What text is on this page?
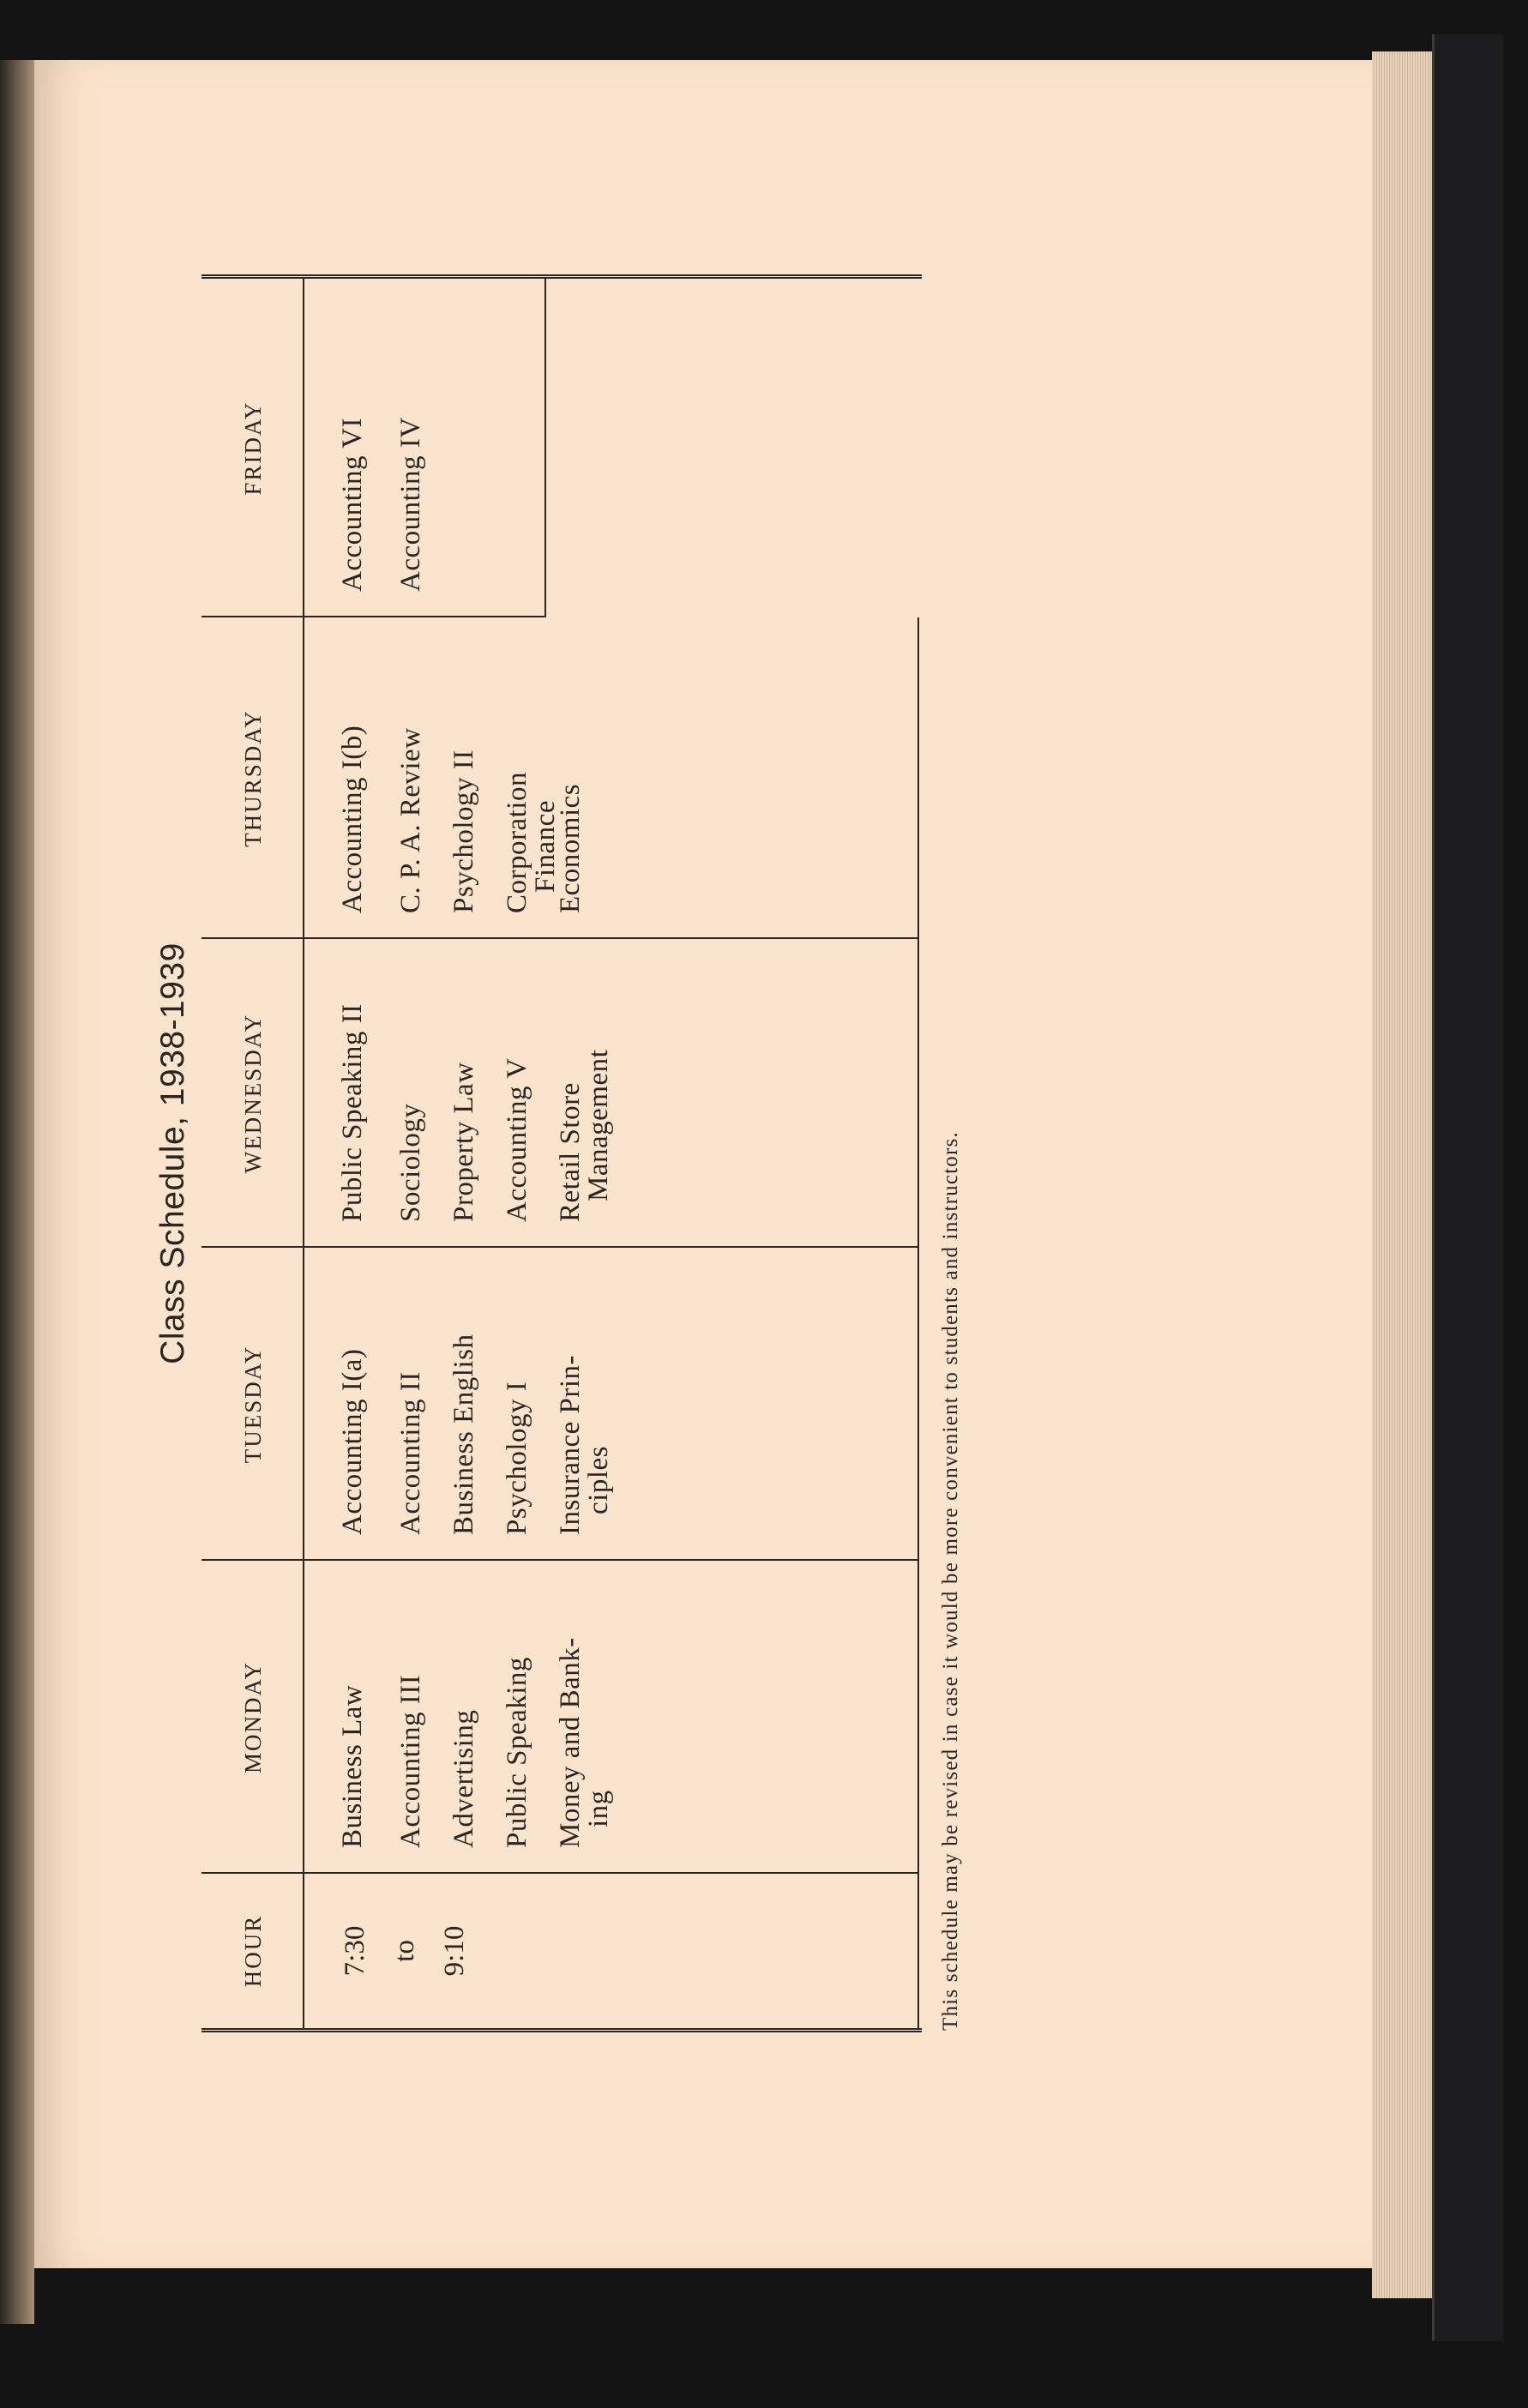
Class Schedule, 1938-1939
HOUR
MONDAY
TUESDAY
WEDNESDAY
THURSDAY
FRIDAY
7:30 to 9:10
Business Law Accounting III Advertising Public Speaking Money and Bank-
ing
Accounting I(a) Accounting II Business English Psychology I Insurance Prin-
ciples
Public Speaking II Sociology Property Law Accounting V Retail Store
Management
Accounting I(b) C. P. A. Review Psychology II Corporation
Finance
Economics
Accounting VI Accounting IV
This schedule may be revised in case it would be more convenient to students and instructors.
